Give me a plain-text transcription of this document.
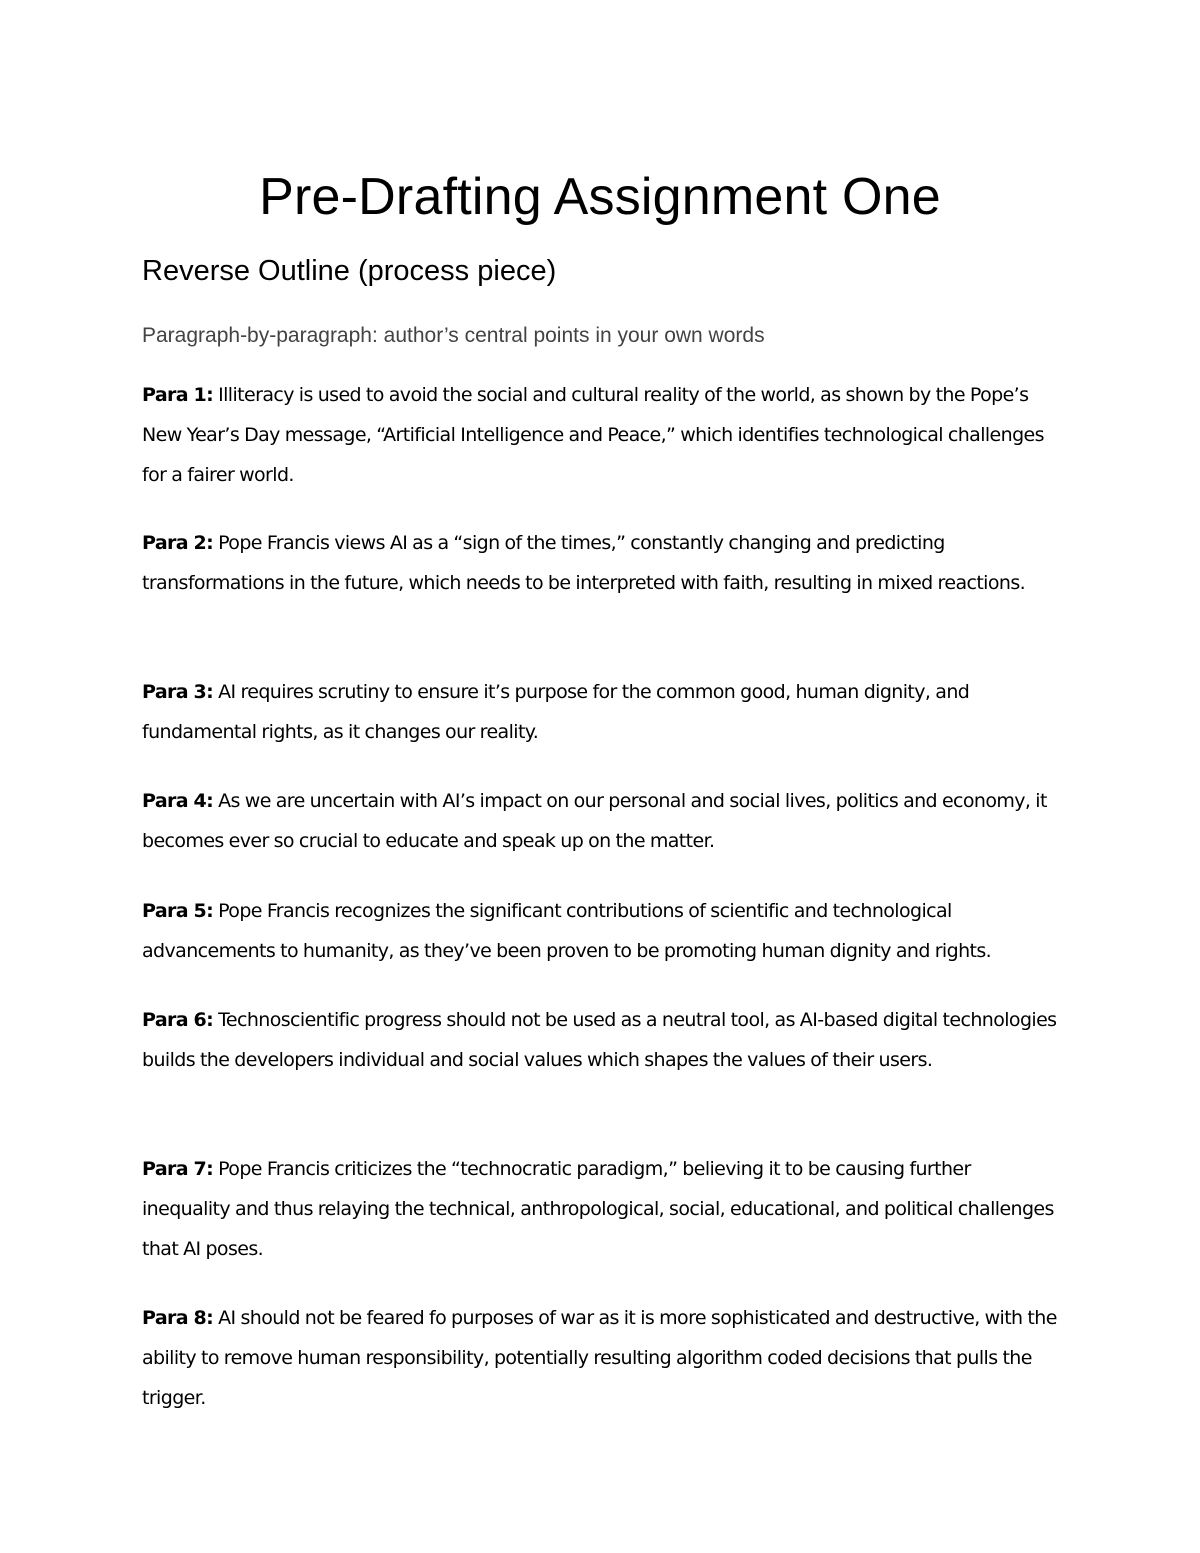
Pre-Drafting Assignment One
Reverse Outline (process piece)

Paragraph-by-paragraph: author’s central points in your own words

Para 1: Illiteracy is used to avoid the social and cultural reality of the world, as shown by the Pope’s New Year’s Day message, “Artificial Intelligence and Peace,” which identifies technological challenges for a fairer world.

Para 2: Pope Francis views AI as a “sign of the times,” constantly changing and predicting transformations in the future, which needs to be interpreted with faith, resulting in mixed reactions.

Para 3: AI requires scrutiny to ensure it’s purpose for the common good, human dignity, and fundamental rights, as it changes our reality.

Para 4: As we are uncertain with AI’s impact on our personal and social lives, politics and economy, it becomes ever so crucial to educate and speak up on the matter.

Para 5: Pope Francis recognizes the significant contributions of scientific and technological advancements to humanity, as they’ve been proven to be promoting human dignity and rights.

Para 6: Technoscientific progress should not be used as a neutral tool, as AI-based digital technologies builds the developers individual and social values which shapes the values of their users.

Para 7: Pope Francis criticizes the “technocratic paradigm,” believing it to be causing further inequality and thus relaying the technical, anthropological, social, educational, and political challenges that AI poses.

Para 8: AI should not be feared fo purposes of war as it is more sophisticated and destructive, with the ability to remove human responsibility, potentially resulting algorithm coded decisions that pulls the trigger.
